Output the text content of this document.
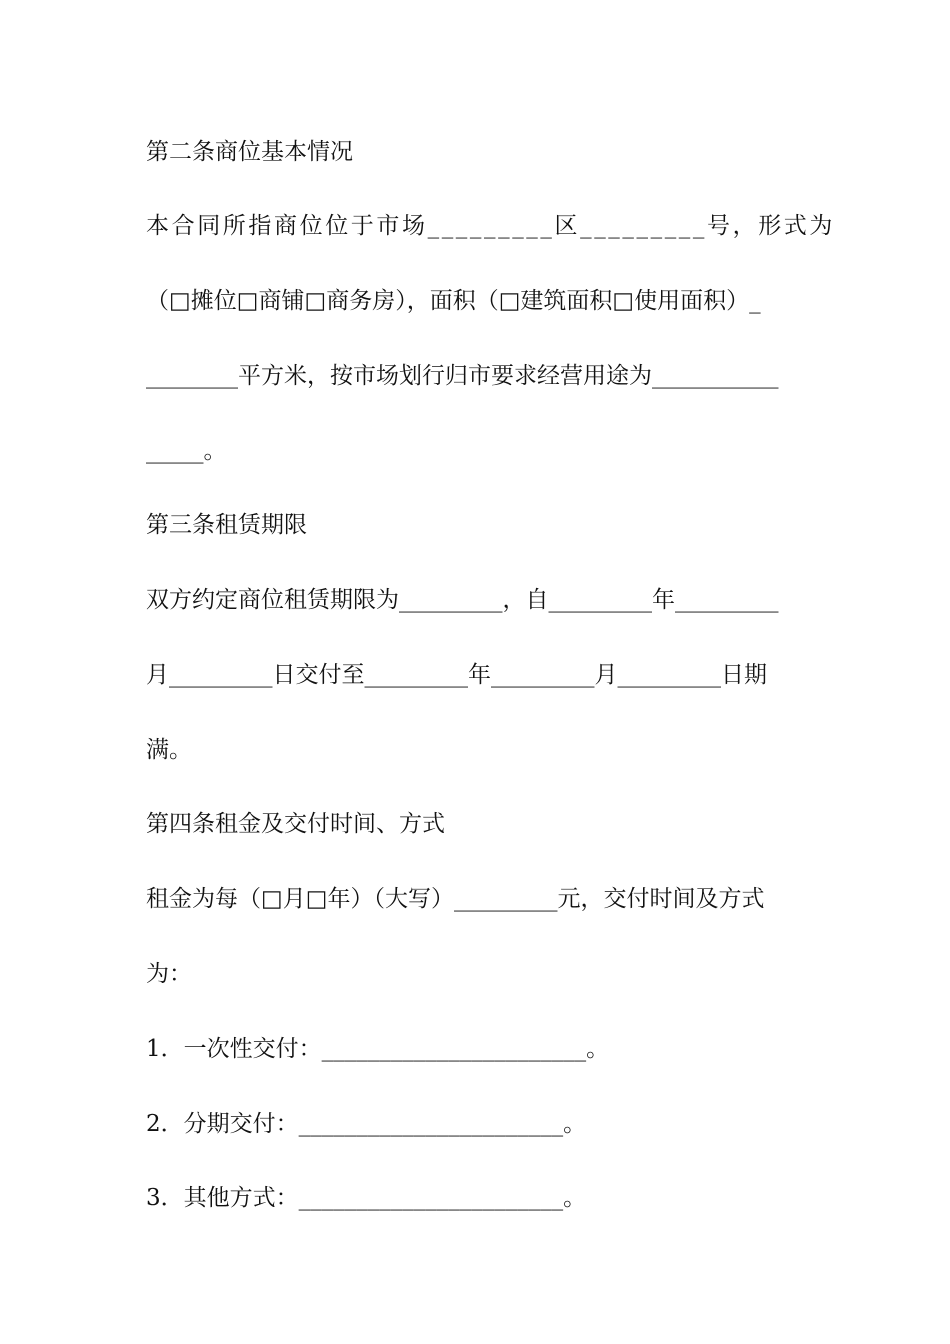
第二条商位基本情况

本合同所指商位位于市场_________区_________号，形式为

（□摊位□商铺□商务房），面积（□建筑面积□使用面积）_

________平方米，按市场划行归市要求经营用途为___________

_____。

第三条租赁期限

双方约定商位租赁期限为_________，自_________年_________

月_________日交付至_________年_________月_________日期

满。

第四条租金及交付时间、方式

租金为每（□月□年）（大写）_________元，交付时间及方式

为：

1．一次性交付：_______________________。

2．分期交付：_______________________。

3．其他方式：_______________________。
